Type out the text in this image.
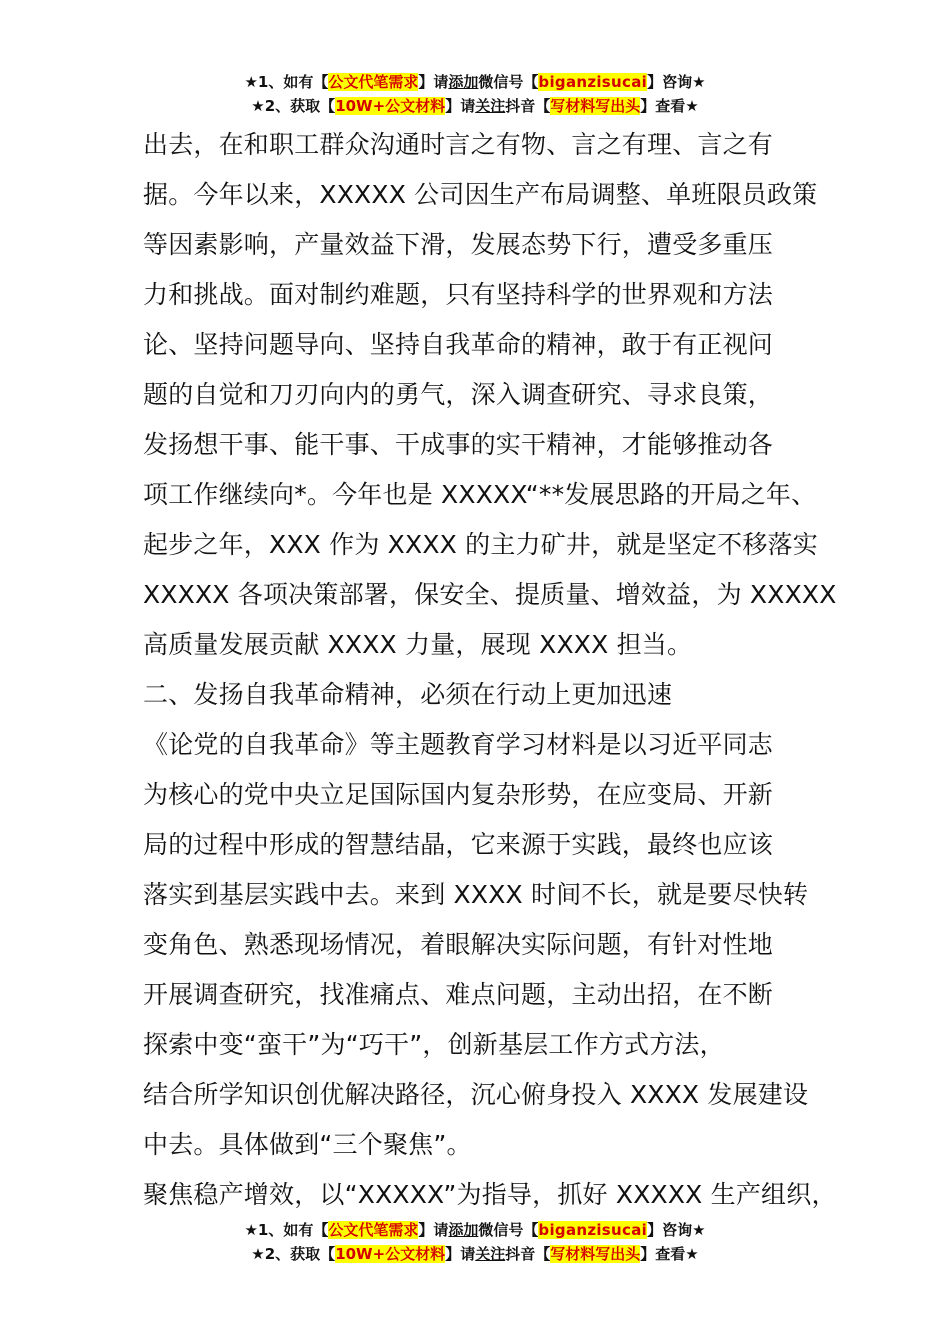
★1、如有【公文代笔需求】请添加微信号【biganzisucai】咨询★
★2、获取【10W+公文材料】请关注抖音【写材料写出头】查看★
出去，在和职工群众沟通时言之有物、言之有理、言之有
据。今年以来，XXXXX 公司因生产布局调整、单班限员政策
等因素影响，产量效益下滑，发展态势下行，遭受多重压
力和挑战。面对制约难题，只有坚持科学的世界观和方法
论、坚持问题导向、坚持自我革命的精神，敢于有正视问
题的自觉和刀刃向内的勇气，深入调查研究、寻求良策，
发扬想干事、能干事、干成事的实干精神，才能够推动各
项工作继续向*。今年也是 XXXXX“**发展思路的开局之年、
起步之年，XXX 作为 XXXX 的主力矿井，就是坚定不移落实
XXXXX 各项决策部署，保安全、提质量、增效益，为 XXXXX
高质量发展贡献 XXXX 力量，展现 XXXX 担当。
二、发扬自我革命精神，必须在行动上更加迅速
《论党的自我革命》等主题教育学习材料是以习近平同志
为核心的党中央立足国际国内复杂形势，在应变局、开新
局的过程中形成的智慧结晶，它来源于实践，最终也应该
落实到基层实践中去。来到 XXXX 时间不长，就是要尽快转
变角色、熟悉现场情况，着眼解决实际问题，有针对性地
开展调查研究，找准痛点、难点问题，主动出招，在不断
探索中变“蛮干”为“巧干”，创新基层工作方式方法，
结合所学知识创优解决路径，沉心俯身投入 XXXX 发展建设
中去。具体做到“三个聚焦”。
聚焦稳产增效，以“XXXXX”为指导，抓好 XXXXX 生产组织，
★1、如有【公文代笔需求】请添加微信号【biganzisucai】咨询★
★2、获取【10W+公文材料】请关注抖音【写材料写出头】查看★
